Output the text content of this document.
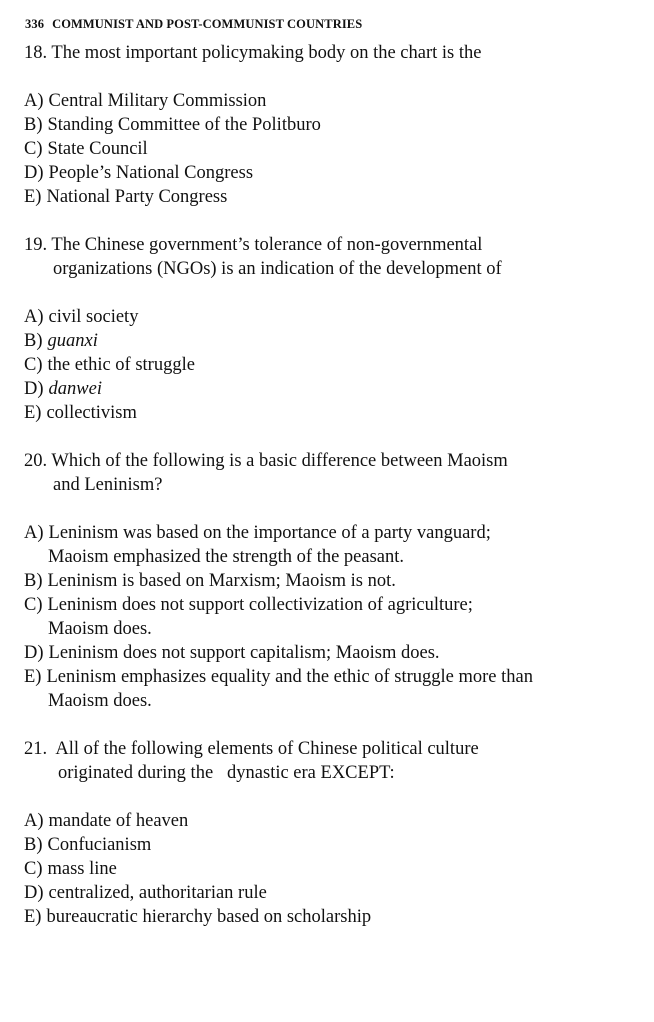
336 COMMUNIST AND POST-COMMUNIST COUNTRIES
18. The most important policymaking body on the chart is the
A) Central Military Commission
B) Standing Committee of the Politburo
C) State Council
D) People’s National Congress
E) National Party Congress
19. The Chinese government’s tolerance of non-governmental
organizations (NGOs) is an indication of the development of
A) civil society
B) guanxi
C) the ethic of struggle
D) danwei
E) collectivism
20. Which of the following is a basic difference between Maoism
and Leninism?
A) Leninism was based on the importance of a party vanguard;
Maoism emphasized the strength of the peasant.
B) Leninism is based on Marxism; Maoism is not.
C) Leninism does not support collectivization of agriculture;
Maoism does.
D) Leninism does not support capitalism; Maoism does.
E) Leninism emphasizes equality and the ethic of struggle more than
Maoism does.
21.  All of the following elements of Chinese political culture
originated during the   dynastic era EXCEPT:
A) mandate of heaven
B) Confucianism
C) mass line
D) centralized, authoritarian rule
E) bureaucratic hierarchy based on scholarship
